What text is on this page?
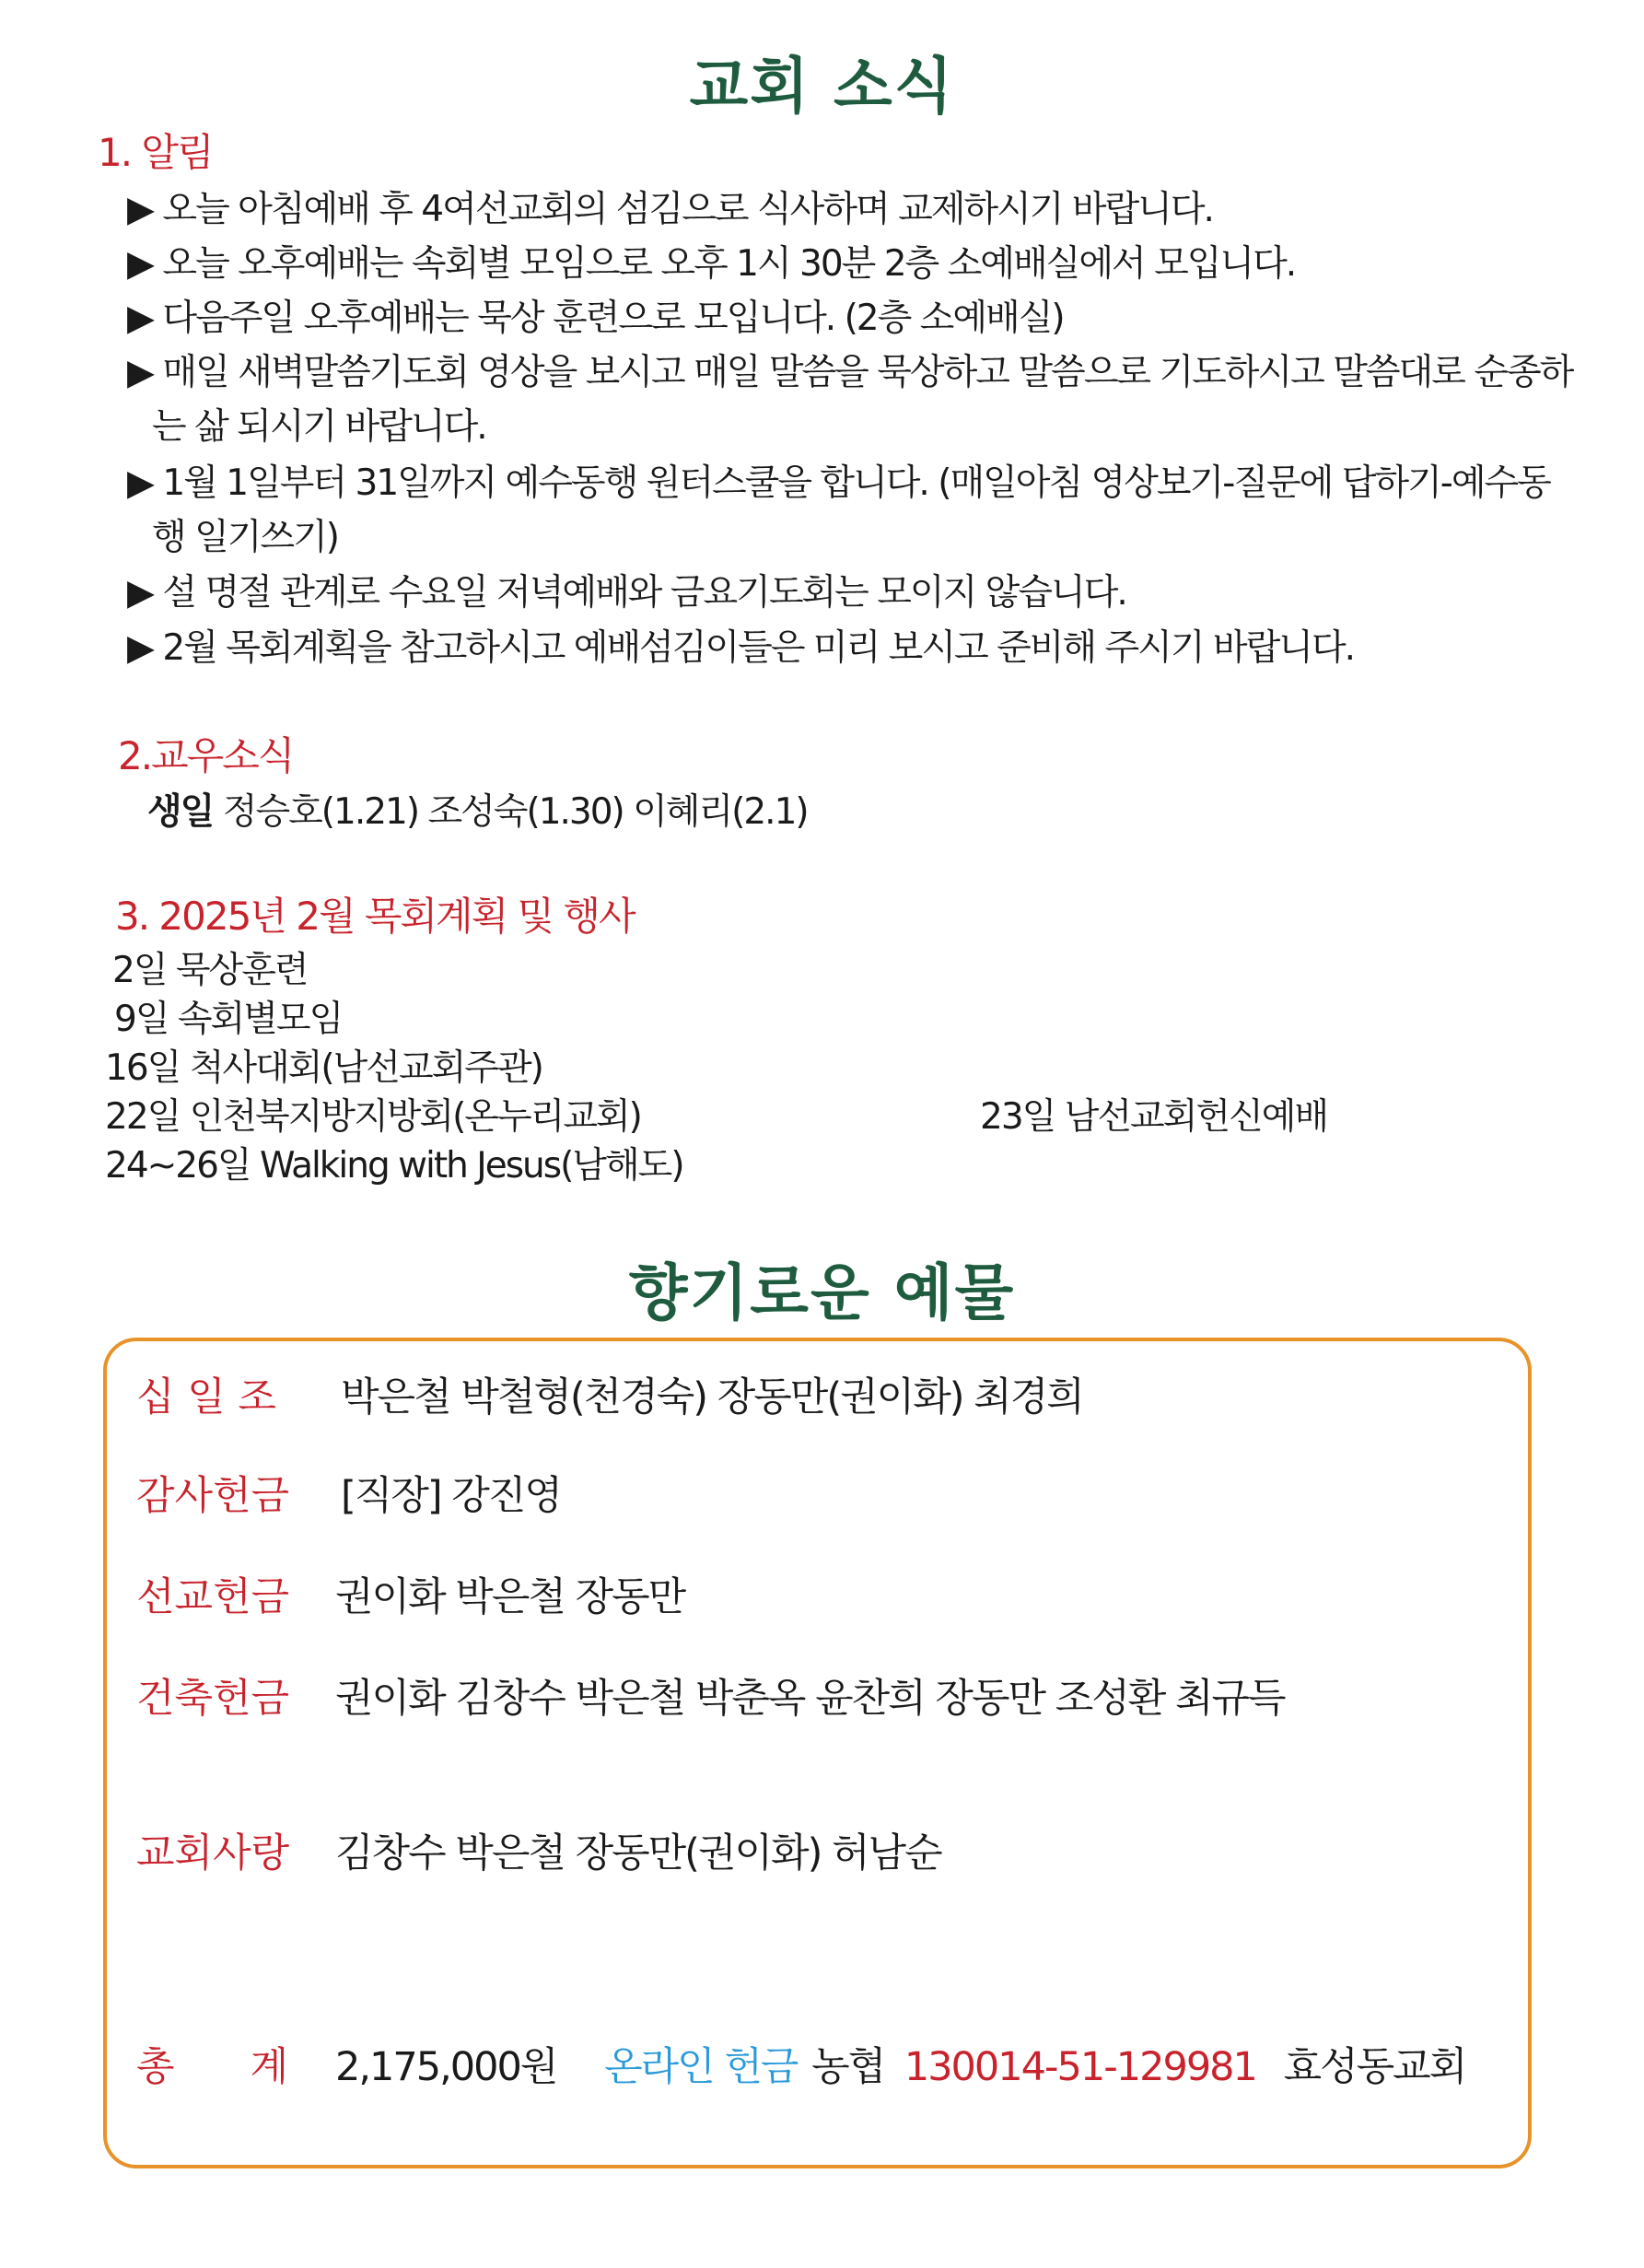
교회 소식
1. 알림
▶ 오늘 아침예배 후 4여선교회의 섬김으로 식사하며 교제하시기 바랍니다.
▶ 오늘 오후예배는 속회별 모임으로 오후 1시 30분 2층 소예배실에서 모입니다.
▶ 다음주일 오후예배는 묵상 훈련으로 모입니다. (2층 소예배실)
▶ 매일 새벽말씀기도회 영상을 보시고 매일 말씀을 묵상하고 말씀으로 기도하시고 말씀대로 순종하
는 삶 되시기 바랍니다.
▶ 1월 1일부터 31일까지 예수동행 원터스쿨을 합니다. (매일아침 영상보기-질문에 답하기-예수동
행 일기쓰기)
▶ 설 명절 관계로 수요일 저녁예배와 금요기도회는 모이지 않습니다.
▶ 2월 목회계획을 참고하시고 예배섬김이들은 미리 보시고 준비해 주시기 바랍니다.
2.교우소식
생일 정승호(1.21) 조성숙(1.30) 이혜리(2.1)
3. 2025년 2월 목회계획 및 행사
2일 묵상훈련
9일 속회별모임
16일 척사대회(남선교회주관)
22일 인천북지방지방회(온누리교회)	23일 남선교회헌신예배
24~26일 Walking with Jesus(남해도)
향기로운 예물
십 일 조 박은철 박철형(천경숙) 장동만(권이화) 최경희
감사헌금 [직장] 강진영
선교헌금 권이화 박은철 장동만
건축헌금 권이화 김창수 박은철 박춘옥 윤찬희 장동만 조성환 최규득
교회사랑 김창수 박은철 장동만(권이화) 허남순
총      계 2,175,000원 온라인 헌금 농협 130014-51-129981 효성동교회
